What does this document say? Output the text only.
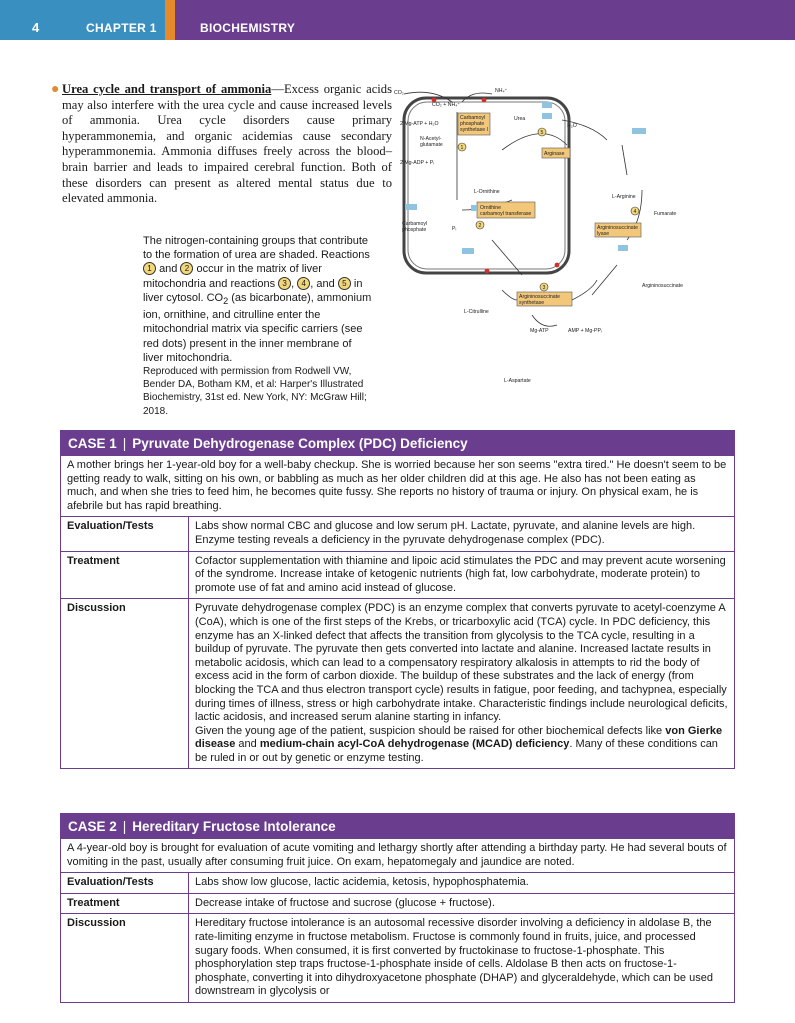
4	CHAPTER 1	BIOCHEMISTRY
● Urea cycle and transport of ammonia—Excess organic acids may also interfere with the urea cycle and cause increased levels of ammonia. Urea cycle disorders cause primary hyperammonemia, and organic acidemias cause secondary hyperammonemia. Ammonia diffuses freely across the blood–brain barrier and leads to impaired cerebral function. Both of these disorders can present as altered mental status due to elevated ammonia.
The nitrogen-containing groups that contribute to the formation of urea are shaded. Reactions 1 and 2 occur in the matrix of liver mitochondria and reactions 3 , 4 , and 5 in liver cytosol. $CO_2$ (as bicarbonate), ammonium ion, ornithine, and citrulline enter the mitochondrial matrix via specific carriers (see red dots) present in the inner membrane of liver mitochondria.
Reproduced with permission from Rodwell VW, Bender DA, Botham KM, et al: Harper's Illustrated Biochemistry, 31st ed. New York, NY: McGraw Hill; 2018.
1
2
3
4
5
CO₂	NH₄⁺
CO₂ + NH₄⁺
2 Mg-ATP + H₂O
N-Acetyl-
glutamate
2 Mg-ADP + Pᵢ
Carbamoyl
phosphate
synthetase I
Carbamoyl
phosphate
Ornithine
carbamoyl transferase
L-Ornithine
Urea
H₂O
Arginase
L-Arginine
Fumarate
Argininosuccinate
lyase
Argininosuccinate
Argininosuccinate
synthetase
L-Citrulline
Mg-ATP	AMP + Mg-PPᵢ
L-Aspartate
Pᵢ
CASE 1 | Pyruvate Dehydrogenase Complex (PDC) Deficiency
A mother brings her 1-year-old boy for a well-baby checkup. She is worried because her son seems "extra tired." He doesn't seem to be getting ready to walk, sitting on his own, or babbling as much as her older children did at this age. He also has not been eating as much, and when she tries to feed him, he becomes quite fussy. She reports no history of trauma or injury. On physical exam, he is afebrile but has rapid breathing.
Evaluation/Tests	Labs show normal CBC and glucose and low serum pH. Lactate, pyruvate, and alanine levels are high. Enzyme testing reveals a deficiency in the pyruvate dehydrogenase complex (PDC).
Treatment	Cofactor supplementation with thiamine and lipoic acid stimulates the PDC and may prevent acute worsening of the syndrome. Increase intake of ketogenic nutrients (high fat, low carbohydrate, moderate protein) to promote use of fat and amino acid instead of glucose.
Discussion	Pyruvate dehydrogenase complex (PDC) is an enzyme complex that converts pyruvate to acetyl-coenzyme A (CoA), which is one of the first steps of the Krebs, or tricarboxylic acid (TCA) cycle. In PDC deficiency, this enzyme has an X-linked defect that affects the transition from glycolysis to the TCA cycle, resulting in a buildup of pyruvate. The pyruvate then gets converted into lactate and alanine. Increased lactate results in metabolic acidosis, which can lead to a compensatory respiratory alkalosis in attempts to rid the body of excess acid in the form of carbon dioxide. The buildup of these substrates and the lack of energy (from blocking the TCA and thus electron transport cycle) results in fatigue, poor feeding, and tachypnea, especially during times of illness, stress or high carbohydrate intake. Characteristic findings include neurological deficits, lactic acidosis, and increased serum alanine starting in infancy.
Given the young age of the patient, suspicion should be raised for other biochemical defects like von Gierke disease and medium-chain acyl-CoA dehydrogenase (MCAD) deficiency. Many of these conditions can be ruled in or out by genetic or enzyme testing.
CASE 2 | Hereditary Fructose Intolerance
A 4-year-old boy is brought for evaluation of acute vomiting and lethargy shortly after attending a birthday party. He had several bouts of vomiting in the past, usually after consuming fruit juice. On exam, hepatomegaly and jaundice are noted.
Evaluation/Tests	Labs show low glucose, lactic acidemia, ketosis, hypophosphatemia.
Treatment	Decrease intake of fructose and sucrose (glucose + fructose).
Discussion	Hereditary fructose intolerance is an autosomal recessive disorder involving a deficiency in aldolase B, the rate-limiting enzyme in fructose metabolism. Fructose is commonly found in fruits, juice, and processed sugary foods. When consumed, it is first converted by fructokinase to fructose-1-phosphate. This phosphorylation step traps fructose-1-phosphate inside of cells. Aldolase B then acts on fructose-1-phosphate, converting it into dihydroxyacetone phosphate (DHAP) and glyceraldehyde, which can be used downstream in glycolysis or
